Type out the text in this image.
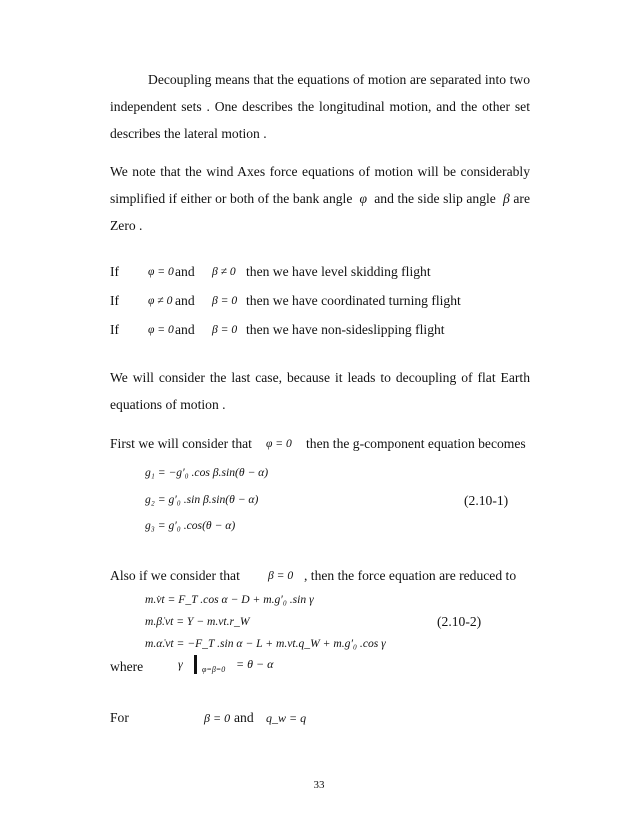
Decoupling means that the equations of motion are separated into two independent sets . One describes the longitudinal motion, and the other set describes the lateral motion .

We note that the wind Axes force equations of motion will be considerably simplified if either or both of the bank angle  φ  and the side slip angle  β are Zero .

If φ = 0 and β ≠ 0 then we have level skidding flight
If φ ≠ 0 and β = 0 then we have coordinated turning flight
If φ = 0 and β = 0 then we have non-sideslipping flight

We will consider the last case, because it leads to decoupling of flat Earth equations of motion .

First we will consider that φ = 0 then the g-component equation becomes
g₁ = −g′₀ .cos β.sin(θ − α)
g₂ = g′₀ .sin β.sin(θ − α)
g₃ = g′₀ .cos(θ − α)
(2.10-1)
Also if we consider that β = 0 , then the force equation are reduced to
m.v̇t = F_T .cos α − D + m.g′₀ .sin γ
m.β̇.vt = Y − m.vt.r_W
m.α̇.vt = −F_T .sin α − L + m.vt.q_W + m.g′₀ .cos γ
(2.10-2)
where	γ φ=β=0 = θ − α
For	β = 0 and q_w = q
33
